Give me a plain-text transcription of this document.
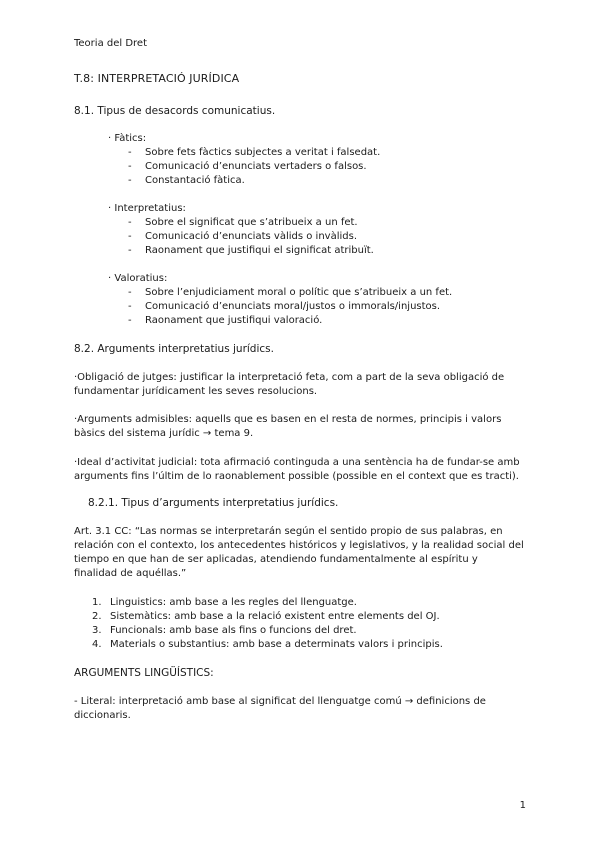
Teoria del Dret
T.8: INTERPRETACIÓ JURÍDICA
8.1. Tipus de desacords comunicatius.
· Fàtics:
- Sobre fets fàctics subjectes a veritat i falsedat.
- Comunicació d’enunciats vertaders o falsos.
- Constantació fàtica.
· Interpretatius:
- Sobre el significat que s’atribueix a un fet.
- Comunicació d’enunciats vàlids o invàlids.
- Raonament que justifiqui el significat atribuït.
· Valoratius:
- Sobre l’enjudiciament moral o polític que s’atribueix a un fet.
- Comunicació d’enunciats moral/justos o immorals/injustos.
- Raonament que justifiqui valoració.
8.2. Arguments interpretatius jurídics.
·Obligació de jutges: justificar la interpretació feta, com a part de la seva obligació de fundamentar jurídicament les seves resolucions.
·Arguments admisibles: aquells que es basen en el resta de normes, principis i valors bàsics del sistema jurídic → tema 9.
·Ideal d’activitat judicial: tota afirmació continguda a una sentència ha de fundar-se amb arguments fins l’últim de lo raonablement possible (possible en el context que es tracti).
8.2.1. Tipus d’arguments interpretatius jurídics.
Art. 3.1 CC: “Las normas se interpretarán según el sentido propio de sus palabras, en relación con el contexto, los antecedentes históricos y legislativos, y la realidad social del tiempo en que han de ser aplicadas, atendiendo fundamentalmente al espíritu y finalidad de aquéllas.”
1. Linguistics: amb base a les regles del llenguatge.
2. Sistemàtics: amb base a la relació existent entre elements del OJ.
3. Funcionals: amb base als fins o funcions del dret.
4. Materials o substantius: amb base a determinats valors i principis.
ARGUMENTS LINGÜÍSTICS:
- Literal: interpretació amb base al significat del llenguatge comú → definicions de diccionaris.
1
